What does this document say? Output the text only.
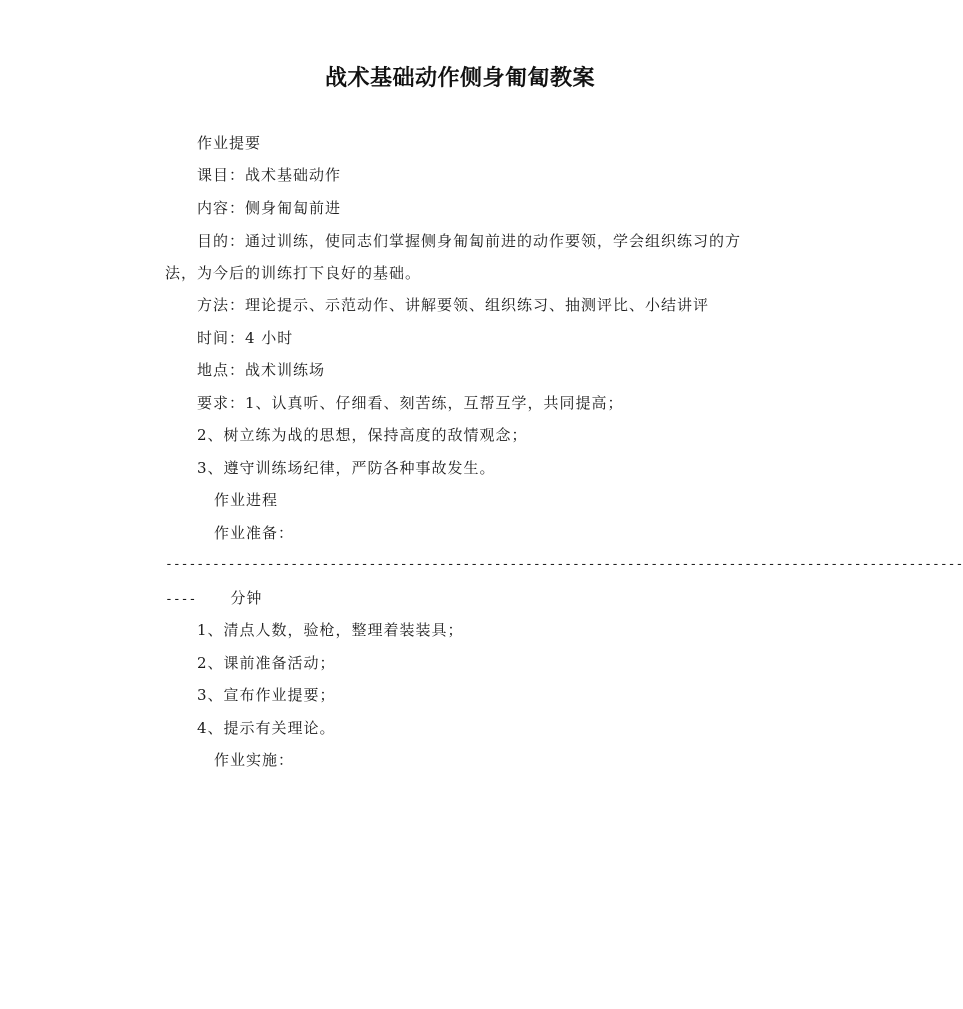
战术基础动作侧身匍匐教案
作业提要
课目：战术基础动作
内容：侧身匍匐前进
目的：通过训练，使同志们掌握侧身匍匐前进的动作要领，学会组织练习的方
法，为今后的训练打下良好的基础。
方法：理论提示、示范动作、讲解要领、组织练习、抽测评比、小结讲评
时间：4 小时
地点：战术训练场
要求：1、认真听、仔细看、刻苦练，互帮互学，共同提高；
2、树立练为战的思想，保持高度的敌情观念；
3、遵守训练场纪律，严防各种事故发生。
作业进程
作业准备：
------------------------------------------------------------------------------------------------------
---- 分钟
1、清点人数，验枪，整理着装装具；
2、课前准备活动；
3、宣布作业提要；
4、提示有关理论。
作业实施：
